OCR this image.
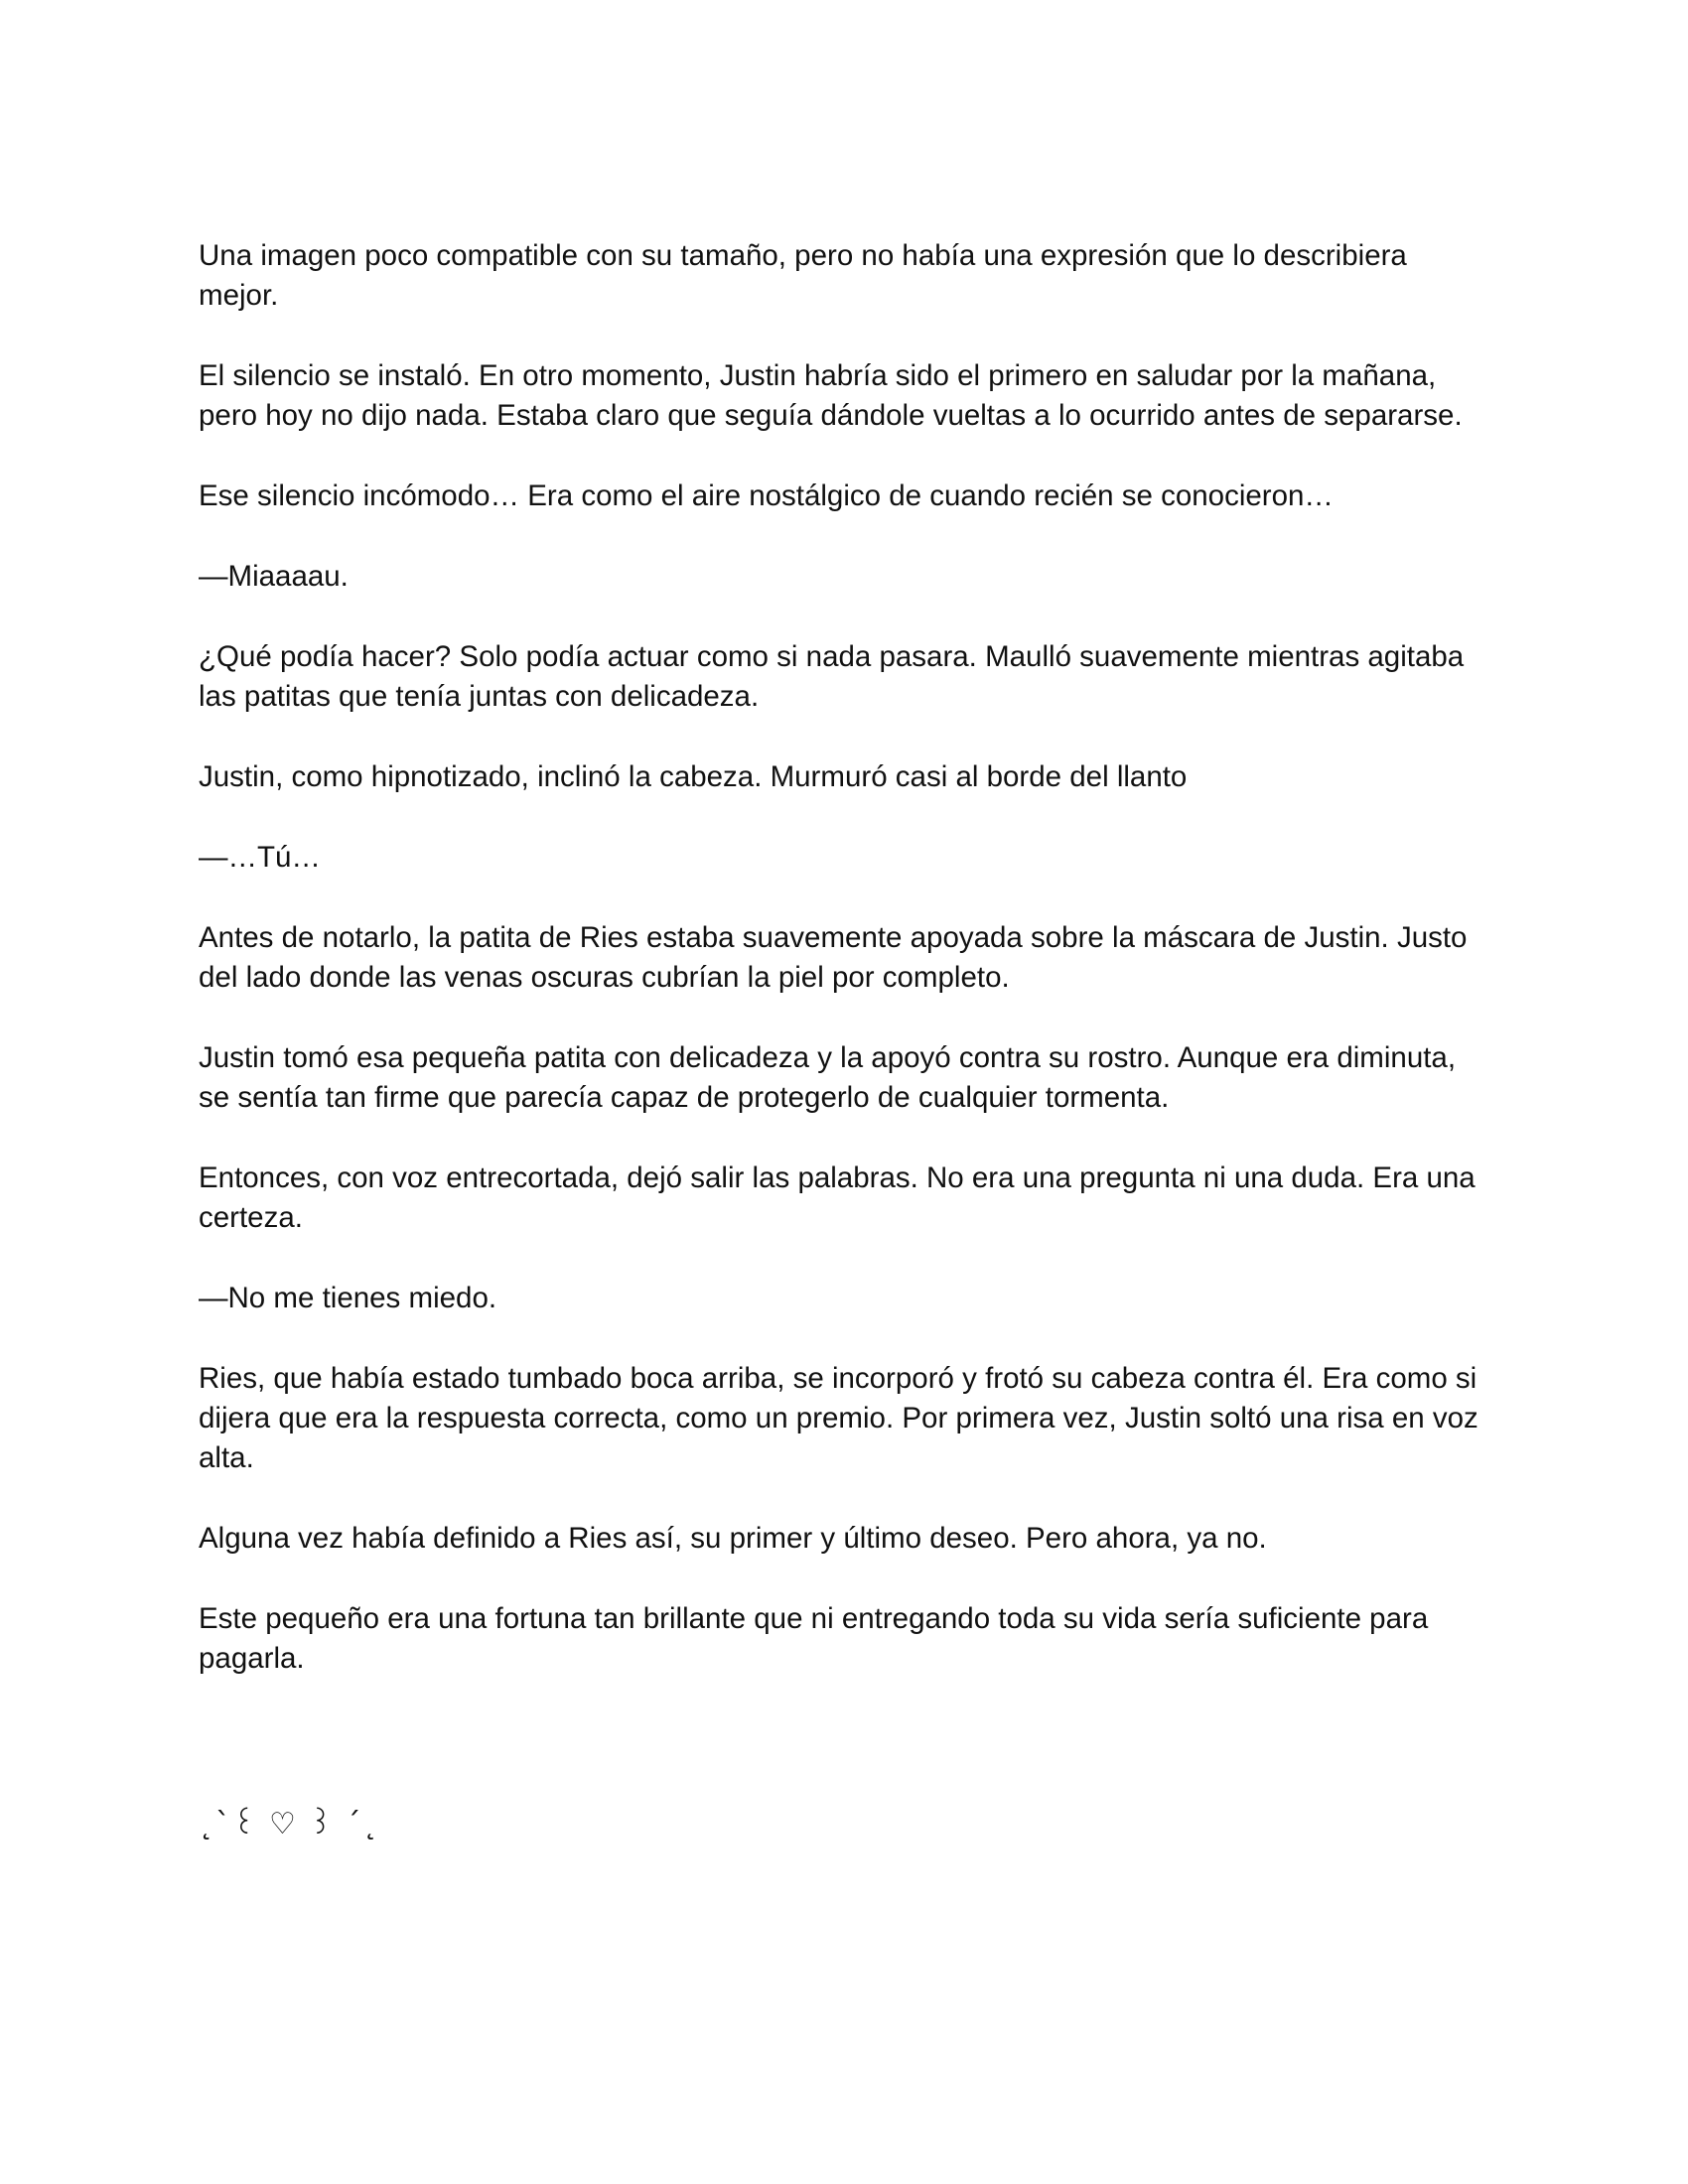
Una imagen poco compatible con su tamaño, pero no había una expresión que lo describiera mejor.

El silencio se instaló. En otro momento, Justin habría sido el primero en saludar por la mañana, pero hoy no dijo nada. Estaba claro que seguía dándole vueltas a lo ocurrido antes de separarse.

Ese silencio incómodo… Era como el aire nostálgico de cuando recién se conocieron…

—Miaaaau.

¿Qué podía hacer? Solo podía actuar como si nada pasara. Maulló suavemente mientras agitaba las patitas que tenía juntas con delicadeza.

Justin, como hipnotizado, inclinó la cabeza. Murmuró casi al borde del llanto

—…Tú…

Antes de notarlo, la patita de Ries estaba suavemente apoyada sobre la máscara de Justin. Justo del lado donde las venas oscuras cubrían la piel por completo.

Justin tomó esa pequeña patita con delicadeza y la apoyó contra su rostro. Aunque era diminuta, se sentía tan firme que parecía capaz de protegerlo de cualquier tormenta.

Entonces, con voz entrecortada, dejó salir las palabras. No era una pregunta ni una duda. Era una certeza.

—No me tienes miedo.

Ries, que había estado tumbado boca arriba, se incorporó y frotó su cabeza contra él. Era como si dijera que era la respuesta correcta, como un premio. Por primera vez, Justin soltó una risa en voz alta.

Alguna vez había definido a Ries así, su primer y último deseo. Pero ahora, ya no.

Este pequeño era una fortuna tan brillante que ni entregando toda su vida sería suficiente para pagarla.

˛`꒰ ♡ ꒱ ´˛
